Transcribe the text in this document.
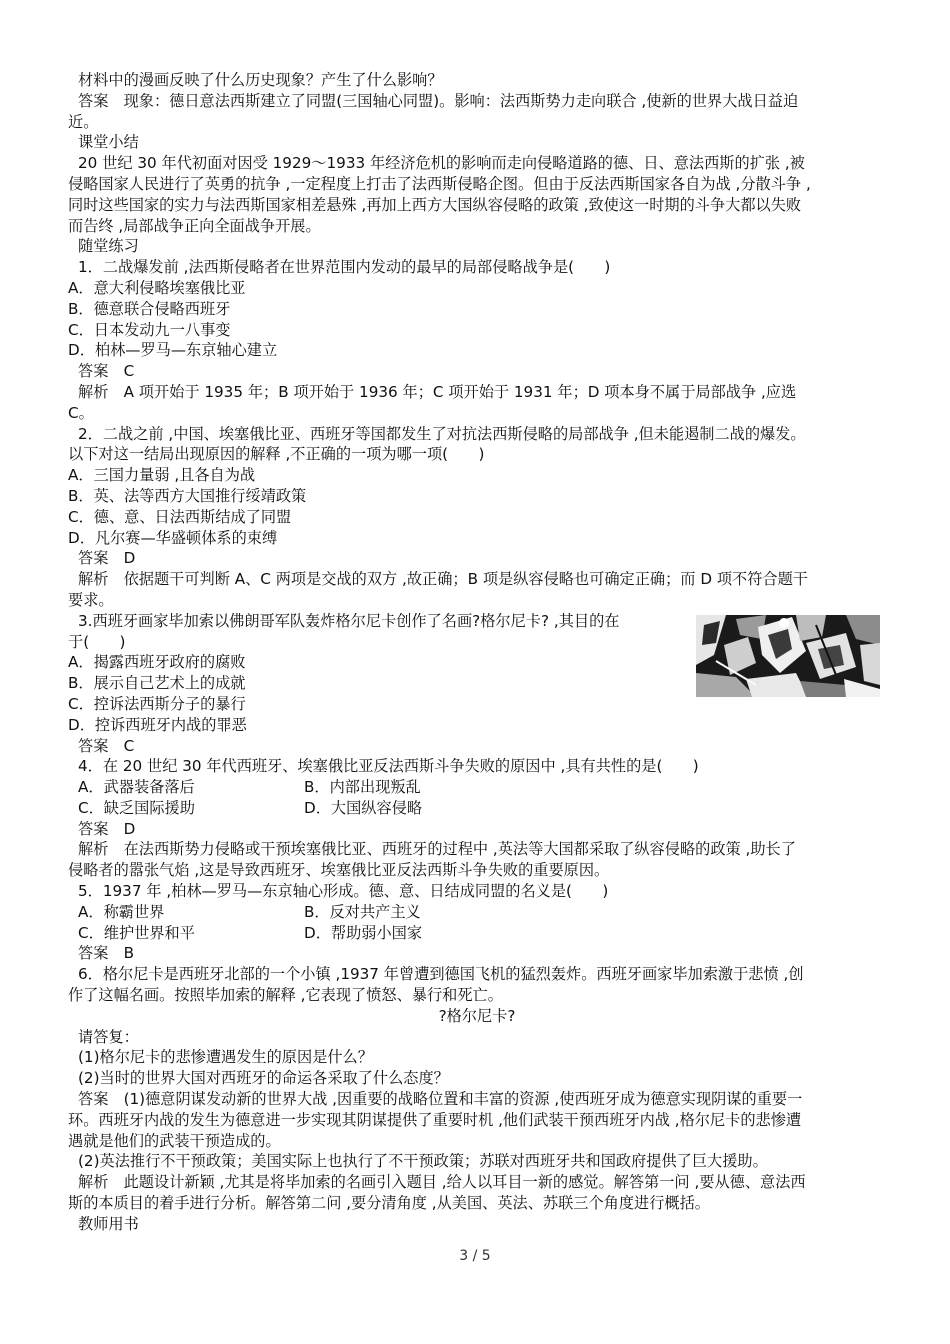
材料中的漫画反映了什么历史现象？产生了什么影响？

答案　现象：德日意法西斯建立了同盟(三国轴心同盟)。影响：法西斯势力走向联合 ,使新的世界大战日益迫

近。

课堂小结

20 世纪 30 年代初面对因受 1929～1933 年经济危机的影响而走向侵略道路的德、日、意法西斯的扩张 ,被

侵略国家人民进行了英勇的抗争 ,一定程度上打击了法西斯侵略企图。但由于反法西斯国家各自为战 ,分散斗争 ,

同时这些国家的实力与法西斯国家相差悬殊 ,再加上西方大国纵容侵略的政策 ,致使这一时期的斗争大都以失败

而告终 ,局部战争正向全面战争开展。

随堂练习

1．二战爆发前 ,法西斯侵略者在世界范围内发动的最早的局部侵略战争是(　　)

A．意大利侵略埃塞俄比亚

B．德意联合侵略西班牙

C．日本发动九一八事变

D．柏林—罗马—东京轴心建立

答案　C

解析　A 项开始于 1935 年；B 项开始于 1936 年；C 项开始于 1931 年；D 项本身不属于局部战争 ,应选

C。

2．二战之前 ,中国、埃塞俄比亚、西班牙等国都发生了对抗法西斯侵略的局部战争 ,但未能遏制二战的爆发。

以下对这一结局出现原因的解释 ,不正确的一项为哪一项(　　)

A．三国力量弱 ,且各自为战

B．英、法等西方大国推行绥靖政策

C．德、意、日法西斯结成了同盟

D．凡尔赛—华盛顿体系的束缚

答案　D

解析　依据题干可判断 A、C 两项是交战的双方 ,故正确；B 项是纵容侵略也可确定正确；而 D 项不符合题干

要求。

3.西班牙画家毕加索以佛朗哥军队轰炸格尔尼卡创作了名画?格尔尼卡? ,其目的在

于(　　)

A．揭露西班牙政府的腐败

B．展示自己艺术上的成就

C．控诉法西斯分子的暴行

D．控诉西班牙内战的罪恶

答案　C

4．在 20 世纪 30 年代西班牙、埃塞俄比亚反法西斯斗争失败的原因中 ,具有共性的是(　　)

A．武器装备落后	B．内部出现叛乱
C．缺乏国际援助	D．大国纵容侵略

答案　D

解析　在法西斯势力侵略或干预埃塞俄比亚、西班牙的过程中 ,英法等大国都采取了纵容侵略的政策 ,助长了

侵略者的嚣张气焰 ,这是导致西班牙、埃塞俄比亚反法西斯斗争失败的重要原因。

5．1937 年 ,柏林—罗马—东京轴心形成。德、意、日结成同盟的名义是(　　)

A．称霸世界	B．反对共产主义
C．维护世界和平	D．帮助弱小国家

答案　B

6．格尔尼卡是西班牙北部的一个小镇 ,1937 年曾遭到德国飞机的猛烈轰炸。西班牙画家毕加索激于悲愤 ,创

作了这幅名画。按照毕加索的解释 ,它表现了愤怒、暴行和死亡。

?格尔尼卡?

请答复：

(1)格尔尼卡的悲惨遭遇发生的原因是什么？

(2)当时的世界大国对西班牙的命运各采取了什么态度？

答案　(1)德意阴谋发动新的世界大战 ,因重要的战略位置和丰富的资源 ,使西班牙成为德意实现阴谋的重要一

环。西班牙内战的发生为德意进一步实现其阴谋提供了重要时机 ,他们武装干预西班牙内战 ,格尔尼卡的悲惨遭

遇就是他们的武装干预造成的。

(2)英法推行不干预政策；美国实际上也执行了不干预政策；苏联对西班牙共和国政府提供了巨大援助。

解析　此题设计新颖 ,尤其是将毕加索的名画引入题目 ,给人以耳目一新的感觉。解答第一问 ,要从德、意法西

斯的本质目的着手进行分析。解答第二问 ,要分清角度 ,从美国、英法、苏联三个角度进行概括。

教师用书

3 / 5
